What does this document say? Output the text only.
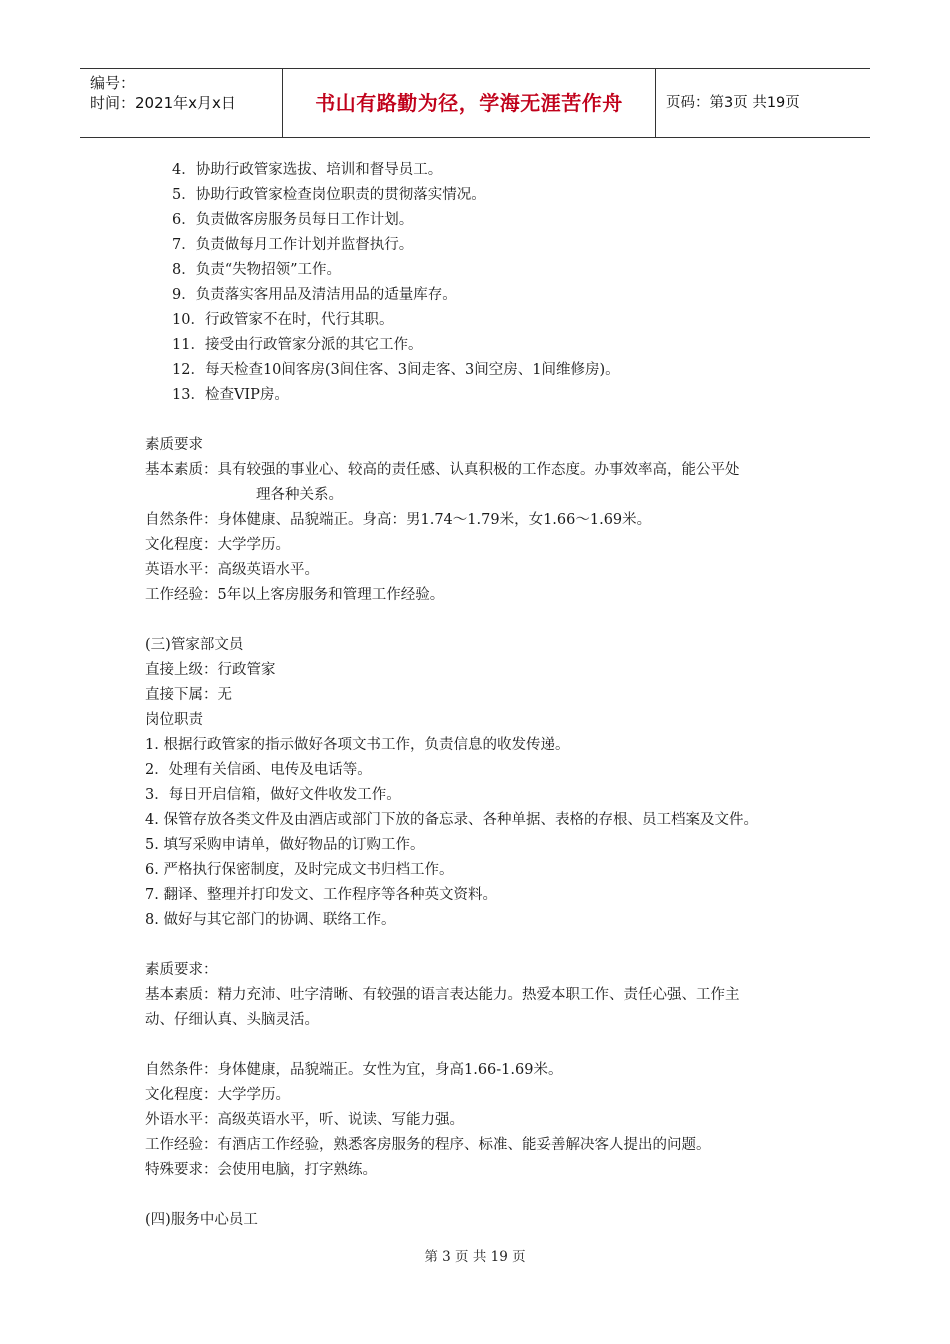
编号：
时间：2021年x月x日	书山有路勤为径，学海无涯苦作舟	页码：第3页 共19页
4．协助行政管家选拔、培训和督导员工。
5．协助行政管家检查岗位职责的贯彻落实情况。
6．负责做客房服务员每日工作计划。
7．负责做每月工作计划并监督执行。
8．负责“失物招领”工作。
9．负责落实客用品及清洁用品的适量库存。
10．行政管家不在时，代行其职。
11．接受由行政管家分派的其它工作。
12．每天检查10间客房(3间住客、3间走客、3间空房、1间维修房)。
13．检查VIP房。
素质要求
基本素质：具有较强的事业心、较高的责任感、认真积极的工作态度。办事效率高，能公平处
理各种关系。
自然条件：身体健康、品貌端正。身高：男1.74～1.79米，女1.66～1.69米。
文化程度：大学学历。
英语水平：高级英语水平。
工作经验：5年以上客房服务和管理工作经验。
(三)管家部文员
直接上级：行政管家
直接下属：无
岗位职责
1. 根据行政管家的指示做好各项文书工作，负责信息的收发传递。
2．处理有关信函、电传及电话等。
3．每日开启信箱，做好文件收发工作。
4. 保管存放各类文件及由酒店或部门下放的备忘录、各种单据、表格的存根、员工档案及文件。
5. 填写采购申请单，做好物品的订购工作。
6. 严格执行保密制度，及时完成文书归档工作。
7. 翻译、整理并打印发文、工作程序等各种英文资料。
8. 做好与其它部门的协调、联络工作。
素质要求：
基本素质：精力充沛、吐字清晰、有较强的语言表达能力。热爱本职工作、责任心强、工作主
动、仔细认真、头脑灵活。
自然条件：身体健康，品貌端正。女性为宜，身高1.66-1.69米。
文化程度：大学学历。
外语水平：高级英语水平，听、说读、写能力强。
工作经验：有酒店工作经验，熟悉客房服务的程序、标准、能妥善解决客人提出的问题。
特殊要求：会使用电脑，打字熟练。
(四)服务中心员工
第 3 页 共 19 页
